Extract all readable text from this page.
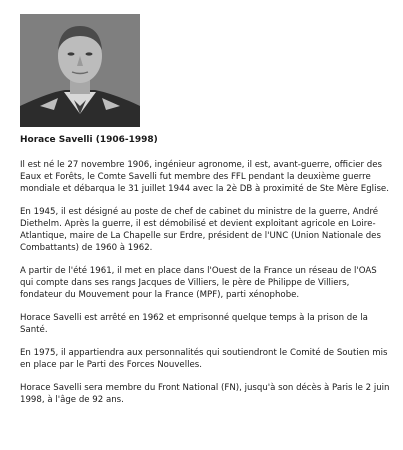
Horace Savelli (1906-1998)

Il est né le 27 novembre 1906, ingénieur agronome, il est, avant-guerre, officier des Eaux et Forêts, le Comte Savelli fut membre des FFL pendant la deuxième guerre mondiale et débarqua le 31 juillet 1944 avec la 2è DB à proximité de Ste Mère Eglise.

En 1945, il est désigné au poste de chef de cabinet du ministre de la guerre, André Diethelm. Après la guerre, il est démobilisé et devient exploitant agricole en Loire-Atlantique, maire de La Chapelle sur Erdre, président de l'UNC (Union Nationale des Combattants) de 1960 à 1962.

A partir de l'été 1961, il met en place dans l'Ouest de la France un réseau de l'OAS qui compte dans ses rangs Jacques de Villiers, le père de Philippe de Villiers, fondateur du Mouvement pour la France (MPF), parti xénophobe.

Horace Savelli est arrêté en 1962 et emprisonné quelque temps à la prison de la Santé.

En 1975, il appartiendra aux personnalités qui soutiendront le Comité de Soutien mis en place par le Parti des Forces Nouvelles.

Horace Savelli sera membre du Front National (FN), jusqu'à son décès à Paris le 2 juin 1998, à l'âge de 92 ans.
